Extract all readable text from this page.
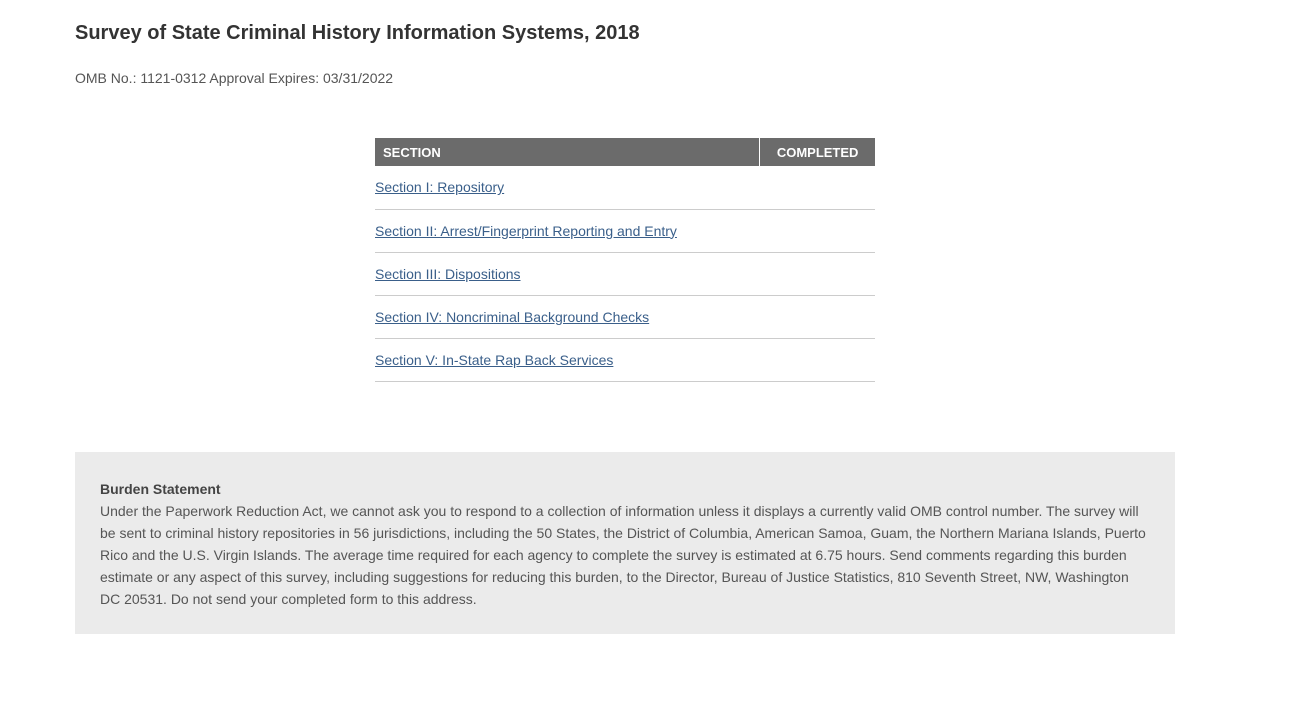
Survey of State Criminal History Information Systems, 2018
OMB No.: 1121-0312 Approval Expires: 03/31/2022
SECTION	COMPLETED
Section I: Repository	
Section II: Arrest/Fingerprint Reporting and Entry	
Section III: Dispositions	
Section IV: Noncriminal Background Checks	
Section V: In-State Rap Back Services	
Burden Statement

Under the Paperwork Reduction Act, we cannot ask you to respond to a collection of information unless it displays a currently valid OMB control number. The survey will be sent to criminal history repositories in 56 jurisdictions, including the 50 States, the District of Columbia, American Samoa, Guam, the Northern Mariana Islands, Puerto Rico and the U.S. Virgin Islands. The average time required for each agency to complete the survey is estimated at 6.75 hours. Send comments regarding this burden estimate or any aspect of this survey, including suggestions for reducing this burden, to the Director, Bureau of Justice Statistics, 810 Seventh Street, NW, Washington DC 20531. Do not send your completed form to this address.
